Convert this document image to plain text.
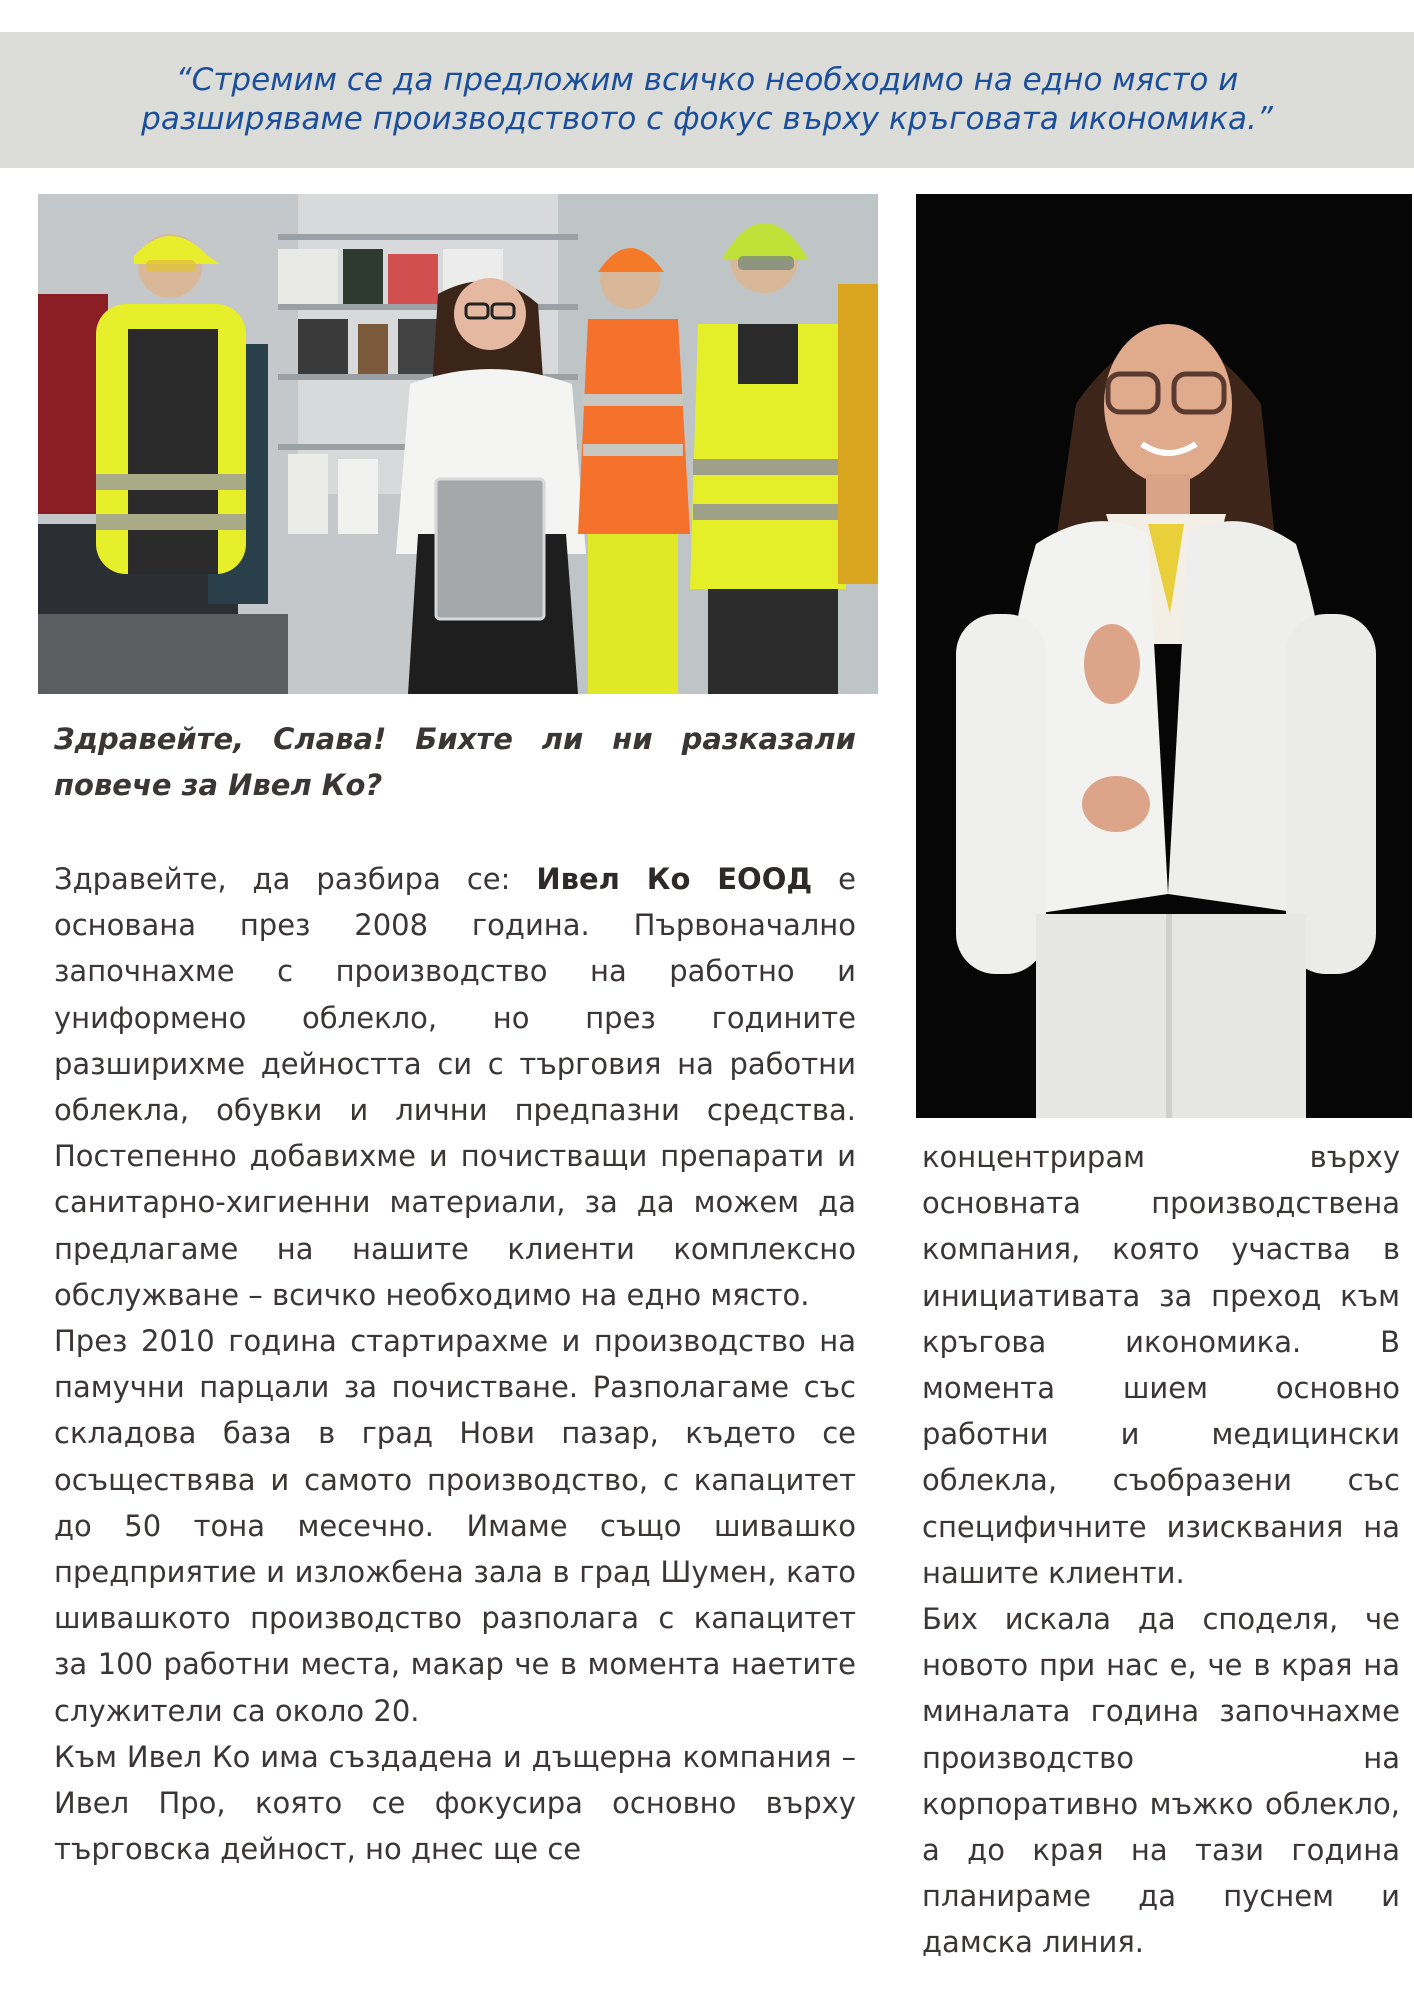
“Стремим се да предложим всичко необходимо на едно място и
разширяваме производството с фокус върху кръговата икономика.”
Здравейте, Слава! Бихте ли ни разказали повече за Ивел Ко?

Здравейте, да разбира се: Ивел Ко ЕООД е основана през 2008 година. Първоначално започнахме с производство на работно и униформено облекло, но през годините разширихме дейността си с търговия на работни облекла, обувки и лични предпазни средства. Постепенно добавихме и почистващи препарати и санитарно-хигиенни материали, за да можем да предлагаме на нашите клиенти комплексно обслужване – всичко необходимо на едно място.

През 2010 година стартирахме и производство на памучни парцали за почистване. Разполагаме със складова база в град Нови пазар, където се осъществява и самото производство, с капацитет до 50 тона месечно. Имаме също шивашко предприятие и изложбена зала в град Шумен, като шивашкото производство разполага с капацитет за 100 работни места, макар че в момента наетите служители са около 20.

Към Ивел Ко има създадена и дъщерна компания – Ивел Про, която се фокусира основно върху търговска дейност, но днес ще се

концентрирам върху основната производствена компания, която участва в инициативата за преход към кръгова икономика. В момента шием основно работни и медицински облекла, съобразени със специфичните изисквания на нашите клиенти.

Бих искала да споделя, че новото при нас е, че в края на миналата година започнахме производство на корпоративно мъжко облекло, а до края на тази година планираме да пуснем и дамска линия.
